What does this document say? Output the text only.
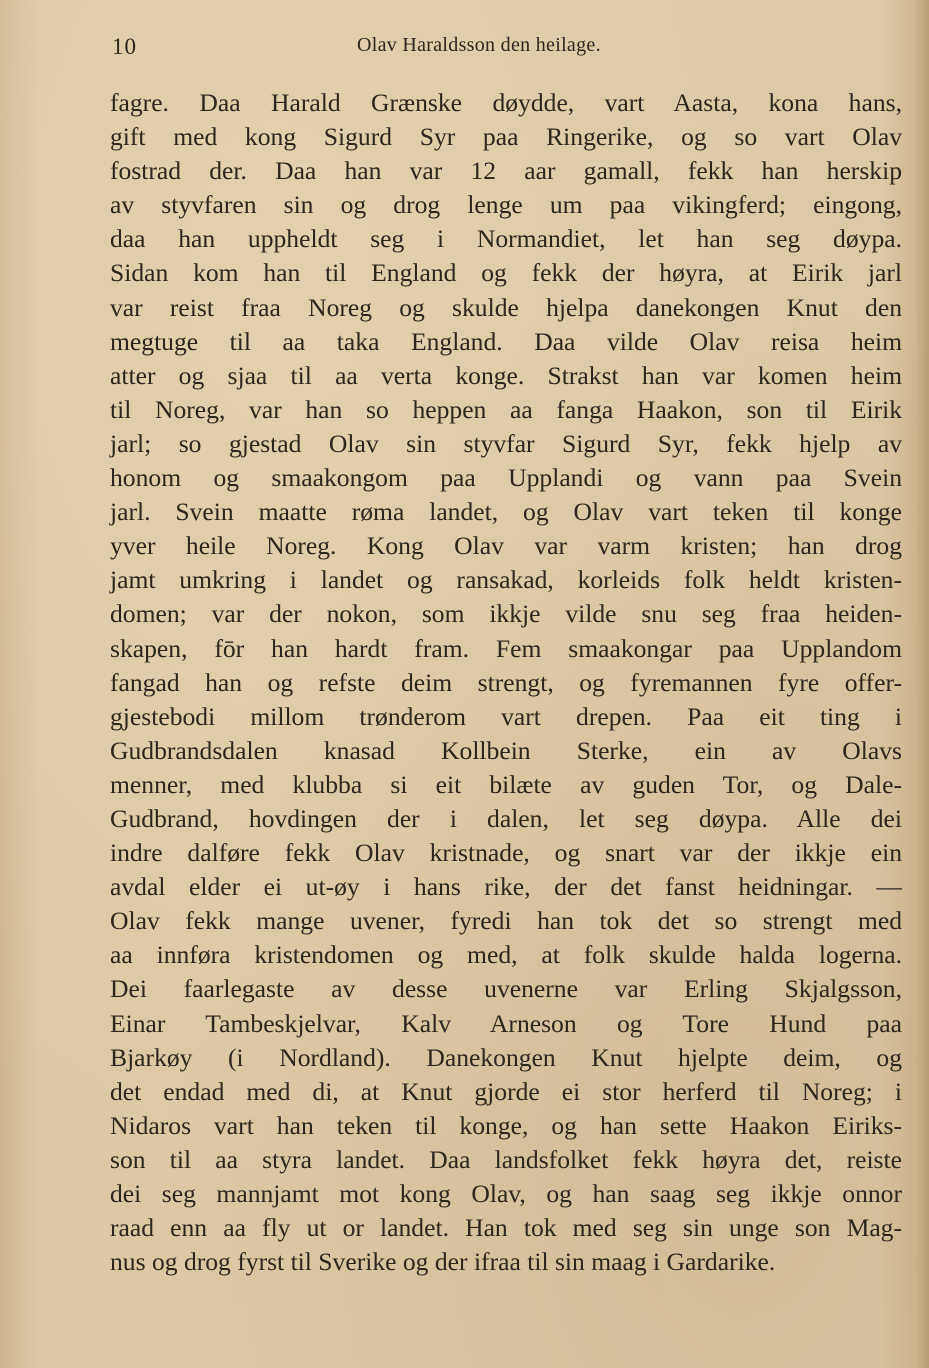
10	Olav Haraldsson den heilage.
fagre. Daa Harald Grænske døydde, vart Aasta, kona hans,
gift med kong Sigurd Syr paa Ringerike, og so vart Olav
fostrad der. Daa han var 12 aar gamall, fekk han herskip
av styvfaren sin og drog lenge um paa vikingferd; eingong,
daa han uppheldt seg i Normandiet, let han seg døypa.
Sidan kom han til England og fekk der høyra, at Eirik jarl
var reist fraa Noreg og skulde hjelpa danekongen Knut den
megtuge til aa taka England. Daa vilde Olav reisa heim
atter og sjaa til aa verta konge. Strakst han var komen heim
til Noreg, var han so heppen aa fanga Haakon, son til Eirik
jarl; so gjestad Olav sin styvfar Sigurd Syr, fekk hjelp av
honom og smaakongom paa Upplandi og vann paa Svein
jarl. Svein maatte røma landet, og Olav vart teken til konge
yver heile Noreg. Kong Olav var varm kristen; han drog
jamt umkring i landet og ransakad, korleids folk heldt kristen-
domen; var der nokon, som ikkje vilde snu seg fraa heiden-
skapen, fōr han hardt fram. Fem smaakongar paa Upplandom
fangad han og refste deim strengt, og fyremannen fyre offer-
gjestebodi millom trønderom vart drepen. Paa eit ting i
Gudbrandsdalen knasad Kollbein Sterke, ein av Olavs
menner, med klubba si eit bilæte av guden Tor, og Dale-
Gudbrand, hovdingen der i dalen, let seg døypa. Alle dei
indre dalføre fekk Olav kristnade, og snart var der ikkje ein
avdal elder ei ut-øy i hans rike, der det fanst heidningar. —
Olav fekk mange uvener, fyredi han tok det so strengt med
aa innføra kristendomen og med, at folk skulde halda logerna.
Dei faarlegaste av desse uvenerne var Erling Skjalgsson,
Einar Tambeskjelvar, Kalv Arneson og Tore Hund paa
Bjarkøy (i Nordland). Danekongen Knut hjelpte deim, og
det endad med di, at Knut gjorde ei stor herferd til Noreg; i
Nidaros vart han teken til konge, og han sette Haakon Eiriks-
son til aa styra landet. Daa landsfolket fekk høyra det, reiste
dei seg mannjamt mot kong Olav, og han saag seg ikkje onnor
raad enn aa fly ut or landet. Han tok med seg sin unge son Mag-
nus og drog fyrst til Sverike og der ifraa til sin maag i Gardarike.
